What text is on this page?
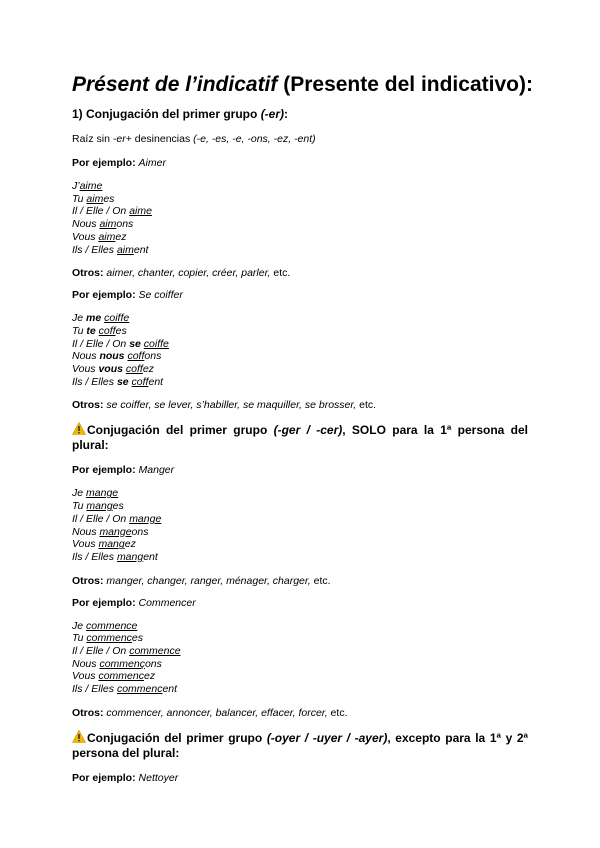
Présent de l’indicatif (Presente del indicativo):
1) Conjugación del primer grupo (-er):
Raíz sin -er+ desinencias (-e, -es, -e, -ons, -ez, -ent)
Por ejemplo: Aimer
J’aime
Tu aimes
Il / Elle / On aime
Nous aimons
Vous aimez
Ils / Elles aiment
Otros: aimer, chanter, copier, créer, parler, etc.
Por ejemplo: Se coiffer
Je me coiffe
Tu te coffes
Il / Elle / On se coiffe
Nous nous coffons
Vous vous coffez
Ils / Elles se coffent
Otros: se coiffer, se lever, s’habiller, se maquiller, se brosser, etc.
Conjugación del primer grupo (-ger / -cer), SOLO para la 1ª persona del plural:
Por ejemplo: Manger
Je mange
Tu manges
Il / Elle / On mange
Nous mangeons
Vous mangez
Ils / Elles mangent
Otros: manger, changer, ranger, ménager, charger, etc.
Por ejemplo: Commencer
Je commence
Tu commences
Il / Elle / On commence
Nous commençons
Vous commencez
Ils / Elles commencent
Otros: commencer, annoncer, balancer, effacer, forcer, etc.
Conjugación del primer grupo (-oyer / -uyer / -ayer), excepto para la 1ª y 2ª persona del plural:
Por ejemplo: Nettoyer
